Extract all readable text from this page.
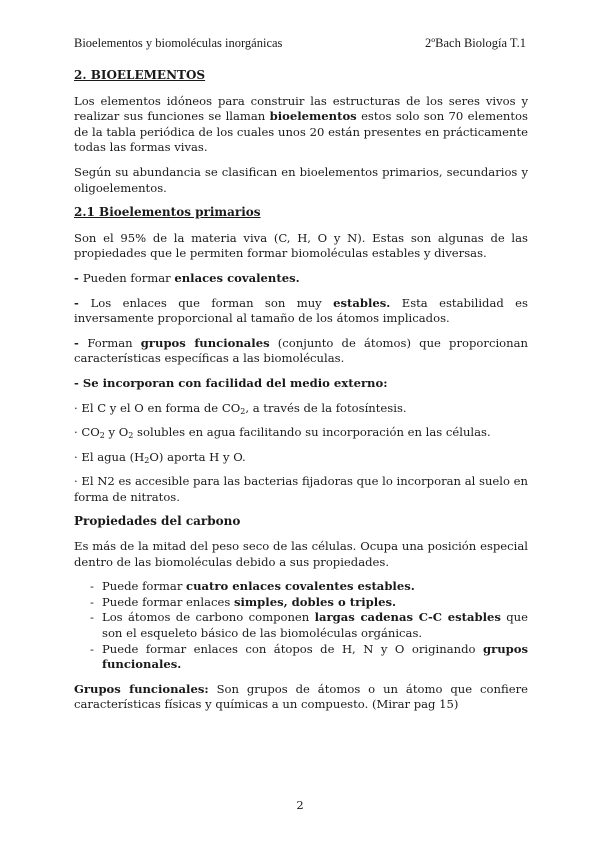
Bioelementos y biomoléculas inorgánicas	2ºBach Biología T.1
2. BIOELEMENTOS

Los elementos idóneos para construir las estructuras de los seres vivos y realizar sus funciones se llaman bioelementos estos solo son 70 elementos de la tabla periódica de los cuales unos 20 están presentes en prácticamente todas las formas vivas.

Según su abundancia se clasifican en bioelementos primarios, secundarios y oligoelementos.

2.1 Bioelementos primarios

Son el 95% de la materia viva (C, H, O y N). Estas son algunas de las propiedades que le permiten formar biomoléculas estables y diversas.

- Pueden formar enlaces covalentes.

- Los enlaces que forman son muy estables. Esta estabilidad es inversamente proporcional al tamaño de los átomos implicados.

- Forman grupos funcionales (conjunto de átomos) que proporcionan características específicas a las biomoléculas.

- Se incorporan con facilidad del medio externo:

· El C y el O en forma de $CO_2$, a través de la fotosíntesis.

· $CO_2$ y $O_2$ solubles en agua facilitando su incorporación en las células.

· El agua $(H_2O)$ aporta H y O.

· El N2 es accesible para las bacterias fijadoras que lo incorporan al suelo en forma de nitratos.

Propiedades del carbono

Es más de la mitad del peso seco de las células. Ocupa una posición especial dentro de las biomoléculas debido a sus propiedades.

- Puede formar cuatro enlaces covalentes estables.
- Puede formar enlaces simples, dobles o triples.
- Los átomos de carbono componen largas cadenas C-C estables que son el esqueleto básico de las biomoléculas orgánicas.
- Puede formar enlaces con átopos de H, N y O originando grupos funcionales.

Grupos funcionales: Son grupos de átomos o un átomo que confiere características físicas y químicas a un compuesto. (Mirar pag 15)

2
